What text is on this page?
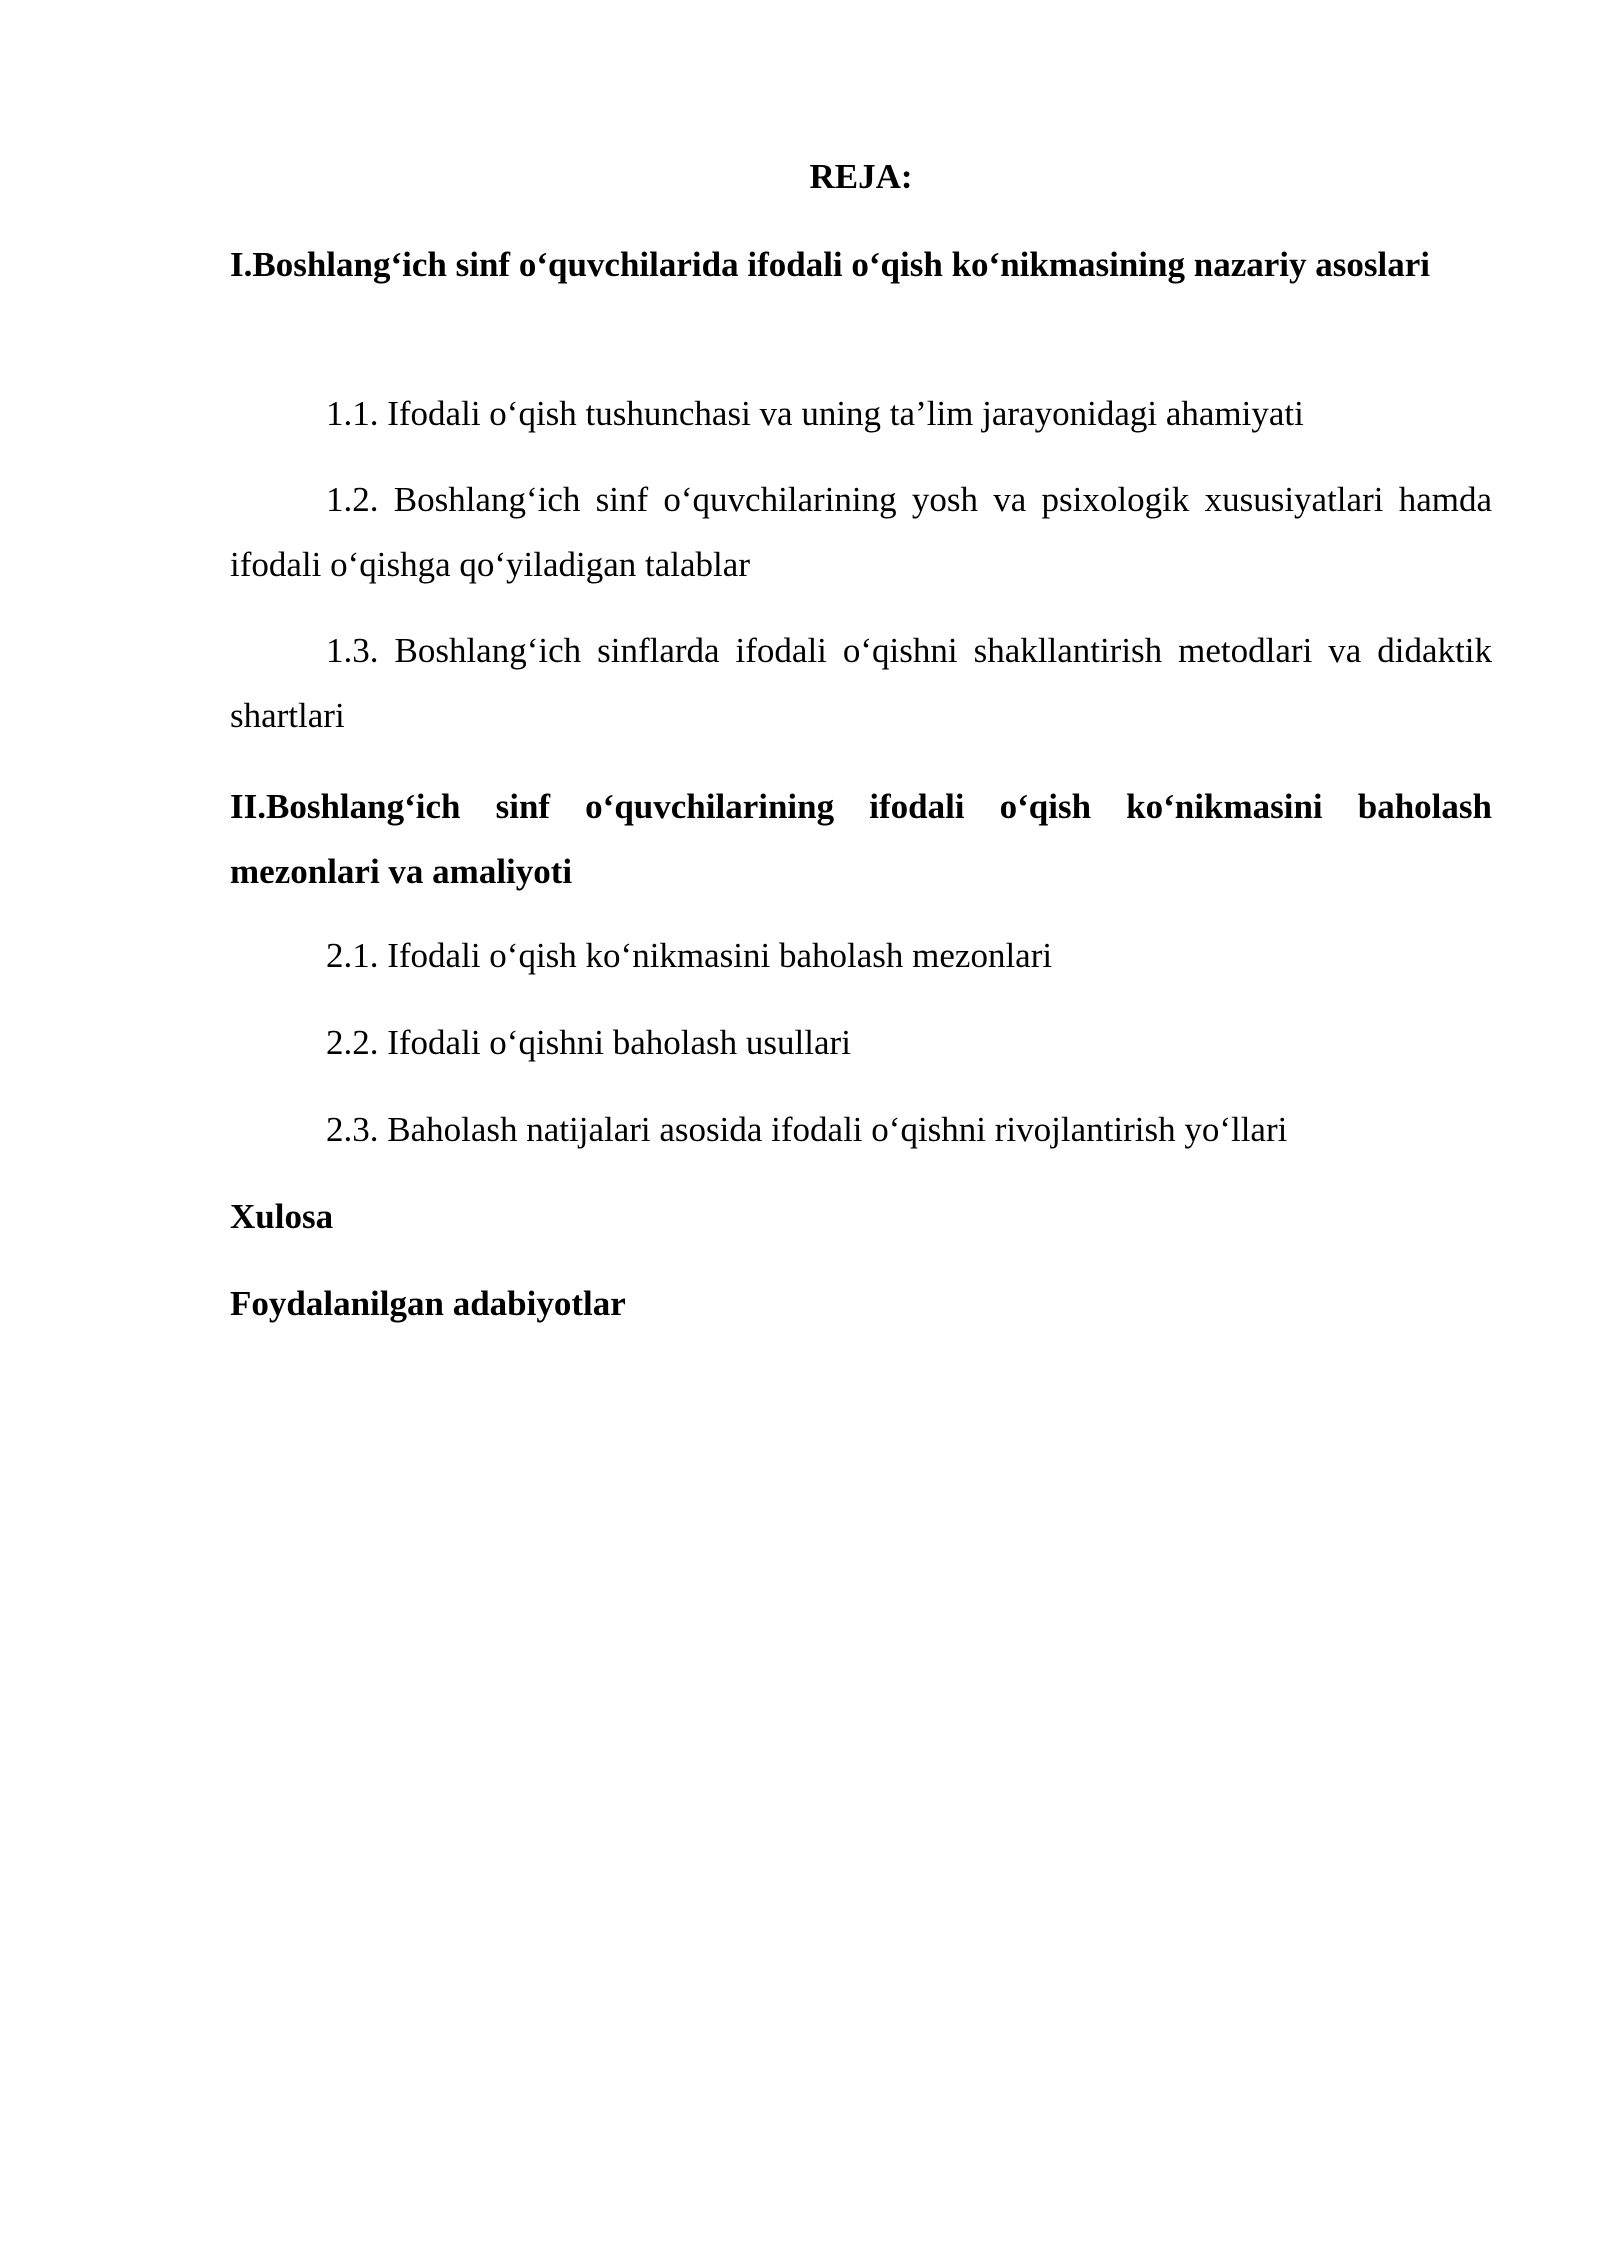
REJA:
I.Boshlang‘ich sinf o‘quvchilarida ifodali o‘qish ko‘nikmasining nazariy asoslari
1.1. Ifodali o‘qish tushunchasi va uning ta’lim jarayonidagi ahamiyati
1.2. Boshlang‘ich sinf o‘quvchilarining yosh va psixologik xususiyatlari hamda ifodali o‘qishga qo‘yiladigan talablar
1.3. Boshlang‘ich sinflarda ifodali o‘qishni shakllantirish metodlari va didaktik shartlari
II.Boshlang‘ich sinf o‘quvchilarining ifodali o‘qish ko‘nikmasini baholash mezonlari va amaliyoti
2.1. Ifodali o‘qish ko‘nikmasini baholash mezonlari
2.2. Ifodali o‘qishni baholash usullari
2.3. Baholash natijalari asosida ifodali o‘qishni rivojlantirish yo‘llari
Xulosa
Foydalanilgan adabiyotlar
